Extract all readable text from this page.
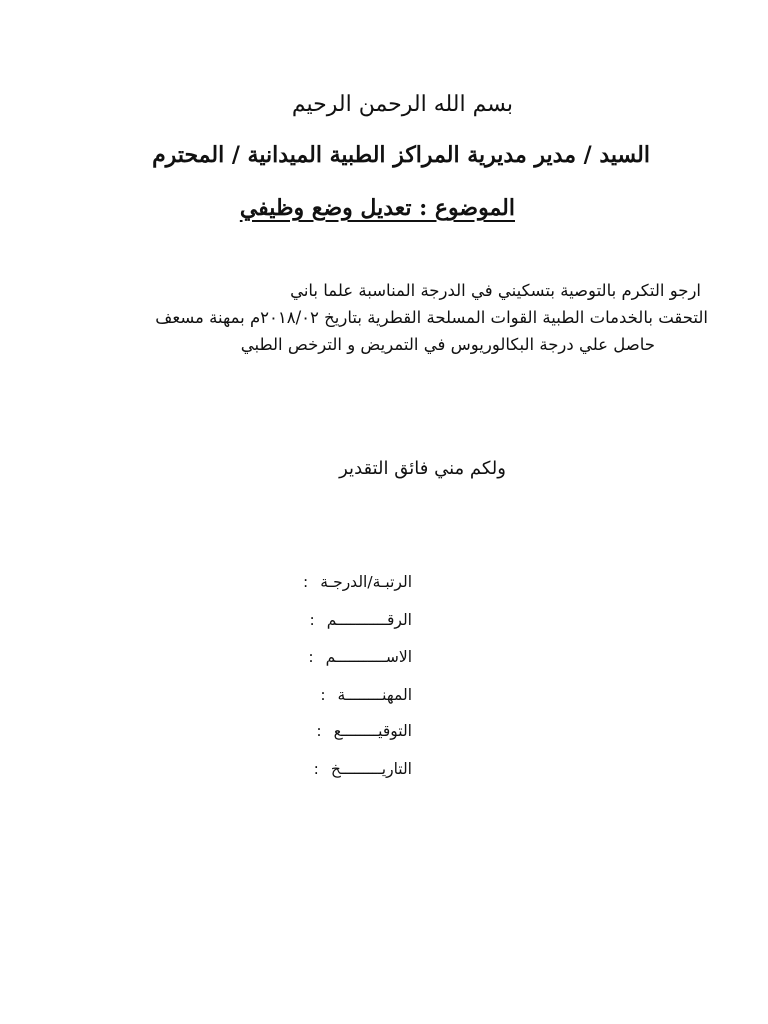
بسم الله الرحمن الرحيم
السيد / مدير مديرية المراكز الطبية الميدانية / المحترم
الموضوع : تعديل وضع وظيفي
ارجو التكرم بالتوصية بتسكيني في الدرجة المناسبة علما باني
التحقت بالخدمات الطبية القوات المسلحة القطرية بتاريخ ٢٠١٨/٠٢م بمهنة مسعف
حاصل علي درجة البكالوريوس في التمريض و الترخص الطبي
ولكم مني فائق التقدير
الرتبـة/الدرجـة:
الرقـــــــــــم:
الاســـــــــــم:
المهنــــــــة:
التوقيــــــــع:
التاريـــــــــخ:
